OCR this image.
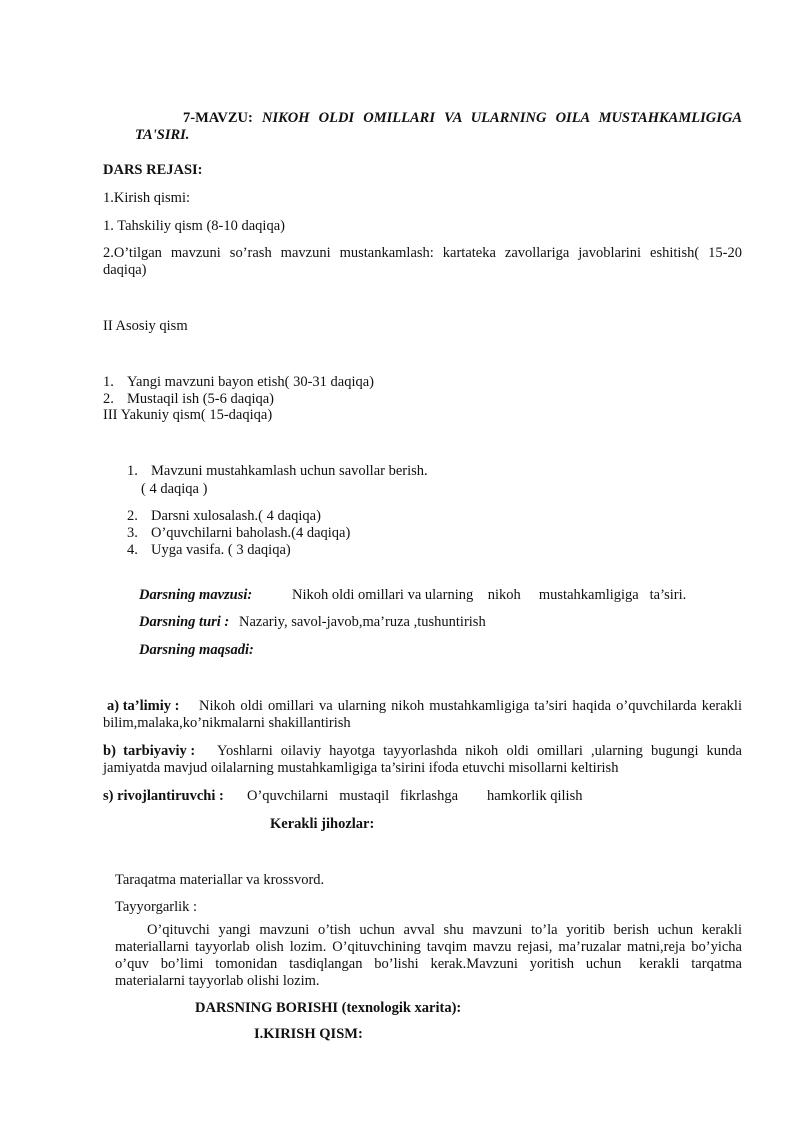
7-MAVZU: NIKOH OLDI OMILLARI VA ULARNING OILA MUSTAHKAMLIGIGA
TA'SIRI.
DARS REJASI:
1.Kirish qismi:
1. Tahskiliy qism (8-10 daqiqa)
2.O’tilgan mavzuni so’rash mavzuni mustankamlash: kartateka zavollariga javoblarini eshitish( 15-20
daqiqa)
II Asosiy qism
1. Yangi mavzuni bayon etish( 30-31 daqiqa)
2. Mustaqil ish (5-6 daqiqa)
III Yakuniy qism( 15-daqiqa)
1. Mavzuni mustahkamlash uchun savollar berish.
( 4 daqiqa )
2. Darsni xulosalash.( 4 daqiqa)
3. O’quvchilarni baholash.(4 daqiqa)
4. Uyga vasifa. ( 3 daqiqa)
Darsning mavzusi:	Nikoh oldi omillari va ularning    nikoh     mustahkamligiga   ta’siri.
Darsning turi : Nazariy, savol-javob,ma’ruza ,tushuntirish
Darsning maqsadi:
a) ta’limiy : Nikoh oldi omillari va ularning nikoh mustahkamligiga ta’siri haqida o’quvchilarda kerakli
bilim,malaka,ko’nikmalarni shakillantirish
b)  tarbiyaviy : Yoshlarni oilaviy hayotga tayyorlashda nikoh oldi omillari ,ularning bugungi kunda
jamiyatda mavjud oilalarning mustahkamligiga ta’sirini ifoda etuvchi misollarni keltirish
s) rivojlantiruvchi : O’quvchilarni   mustaqil   fikrlashga        hamkorlik qilish
Kerakli jihozlar:
Taraqatma materiallar va krossvord.
Tayyorgarlik :
O’qituvchi yangi mavzuni o’tish uchun avval shu mavzuni to’la yoritib berish uchun kerakli
materiallarni tayyorlab olish lozim. O’qituvchining tavqim mavzu rejasi, ma’ruzalar matni,reja bo’yicha
o’quv  bo’limi  tomonidan  tasdiqlangan  bo’lishi  kerak.Mavzuni  yoritish  uchun   kerakli  tarqatma
materialarni tayyorlab olishi lozim.
DARSNING BORISHI (texnologik xarita):
I.KIRISH QISM:
